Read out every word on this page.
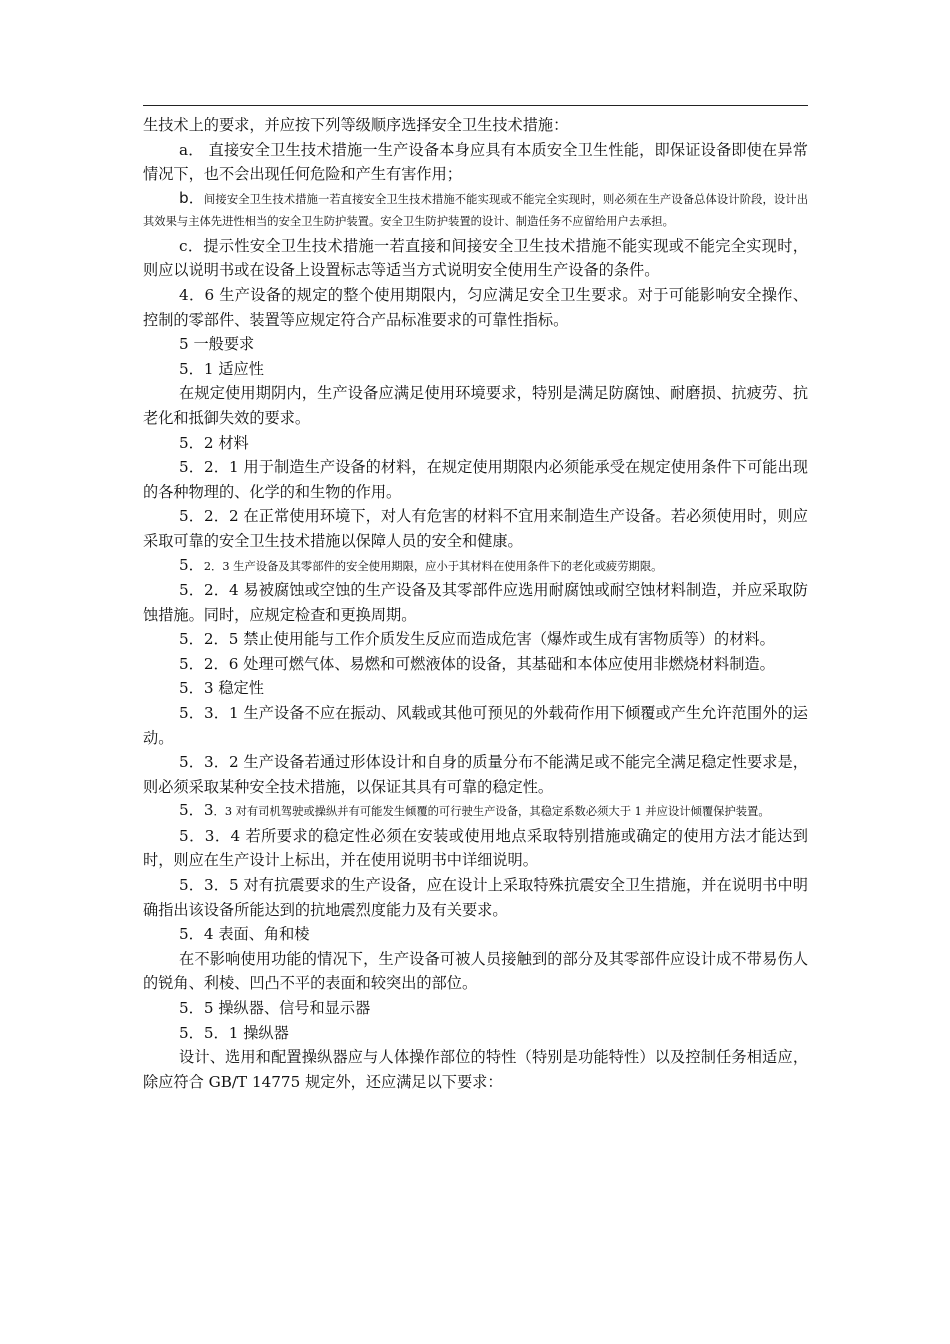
生技术上的要求，并应按下列等级顺序选择安全卫生技术措施：

a． 直接安全卫生技术措施一生产设备本身应具有本质安全卫生性能，即保证设备即使在异常情况下，也不会出现任何危险和产生有害作用；

b．间接安全卫生技术措施一若直接安全卫生技术措施不能实现或不能完全实现时，则必须在生产设备总体设计阶段，设计出其效果与主体先进性相当的安全卫生防护装置。安全卫生防护装置的设计、制造任务不应留给用户去承担。

c．提示性安全卫生技术措施一若直接和间接安全卫生技术措施不能实现或不能完全实现时，则应以说明书或在设备上设置标志等适当方式说明安全使用生产设备的条件。

4．6 生产设备的规定的整个使用期限内，匀应满足安全卫生要求。对于可能影响安全操作、控制的零部件、装置等应规定符合产品标准要求的可靠性指标。

5 一般要求

5．1 适应性

在规定使用期阴内，生产设备应满足使用环境要求，特别是满足防腐蚀、耐磨损、抗疲劳、抗老化和抵御失效的要求。

5．2 材料

5．2．1 用于制造生产设备的材料，在规定使用期限内必须能承受在规定使用条件下可能出现的各种物理的、化学的和生物的作用。

5．2．2 在正常使用环境下，对人有危害的材料不宜用来制造生产设备。若必须使用时，则应采取可靠的安全卫生技术措施以保障人员的安全和健康。

5．2．3 生产设备及其零部件的安全使用期限，应小于其材料在使用条件下的老化或疲劳期限。

5．2．4 易被腐蚀或空蚀的生产设备及其零部件应选用耐腐蚀或耐空蚀材料制造，并应采取防蚀措施。同时，应规定检查和更换周期。

5．2．5 禁止使用能与工作介质发生反应而造成危害（爆炸或生成有害物质等）的材料。

5．2．6 处理可燃气体、易燃和可燃液体的设备，其基础和本体应使用非燃烧材料制造。

5．3 稳定性

5．3．1 生产设备不应在振动、风载或其他可预见的外载荷作用下倾覆或产生允许范围外的运动。

5．3．2 生产设备若通过形体设计和自身的质量分布不能满足或不能完全满足稳定性要求是，则必须采取某种安全技术措施，以保证其具有可靠的稳定性。

5．3．3 对有司机驾驶或操纵并有可能发生倾覆的可行驶生产设备，其稳定系数必须大于 1 并应设计倾覆保护装置。

5．3．4 若所要求的稳定性必须在安装或使用地点采取特别措施或确定的使用方法才能达到时，则应在生产设计上标出，并在使用说明书中详细说明。

5．3．5 对有抗震要求的生产设备，应在设计上采取特殊抗震安全卫生措施，并在说明书中明确指出该设备所能达到的抗地震烈度能力及有关要求。

5．4 表面、角和棱

在不影响使用功能的情况下，生产设备可被人员接触到的部分及其零部件应设计成不带易伤人的锐角、利棱、凹凸不平的表面和较突出的部位。

5．5 操纵器、信号和显示器

5．5．1 操纵器

设计、选用和配置操纵器应与人体操作部位的特性（特别是功能特性）以及控制任务相适应，除应符合 GB/T 14775 规定外，还应满足以下要求：
